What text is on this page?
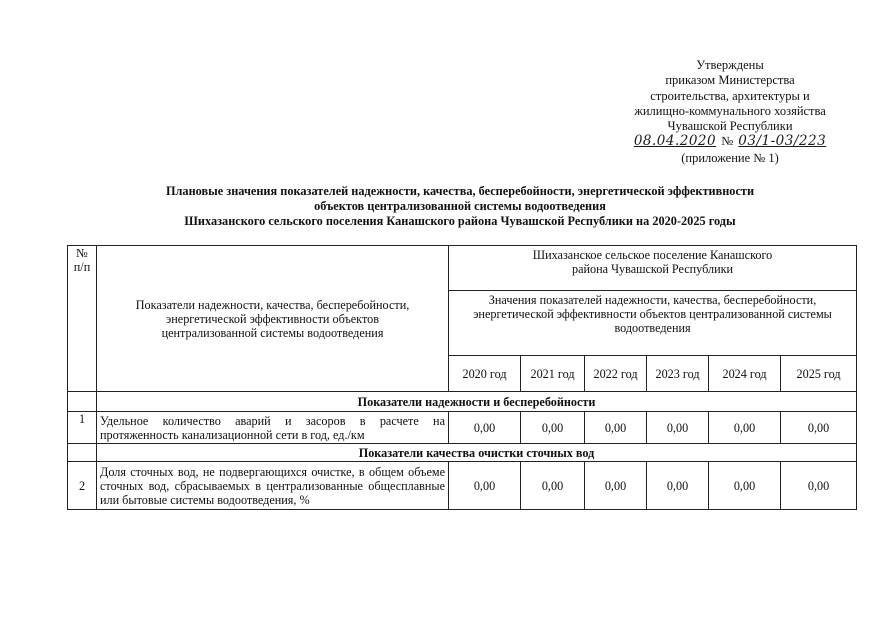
Утверждены
приказом Министерства
строительства, архитектуры и
жилищно-коммунального хозяйства
Чувашской Республики
08.04.2020 № 03/1-03/223
(приложение № 1)
Плановые значения показателей надежности, качества, бесперебойности, энергетической эффективности
объектов централизованной системы водоотведения
Шихазанского сельского поселения Канашского района Чувашской Республики на 2020-2025 годы
№ п/п	Показатели надежности, качества, бесперебойности, энергетической эффективности объектов централизованной системы водоотведения	Шихазанское сельское поселение Канашского района Чувашской Республики					
		Значения показателей надежности, качества, бесперебойности, энергетической эффективности объектов централизованной системы водоотведения					
		2020 год	2021 год	2022 год	2023 год	2024 год	2025 год
	Показатели надежности и бесперебойности						
1	Удельное количество аварий и засоров в расчете на протяженность канализационной сети в год, ед./км	0,00	0,00	0,00	0,00	0,00	0,00
	Показатели качества очистки сточных вод						
2	Доля сточных вод, не подвергающихся очистке, в общем объеме сточных вод, сбрасываемых в централизованные общесплавные или бытовые системы водоотведения, %	0,00	0,00	0,00	0,00	0,00	0,00
